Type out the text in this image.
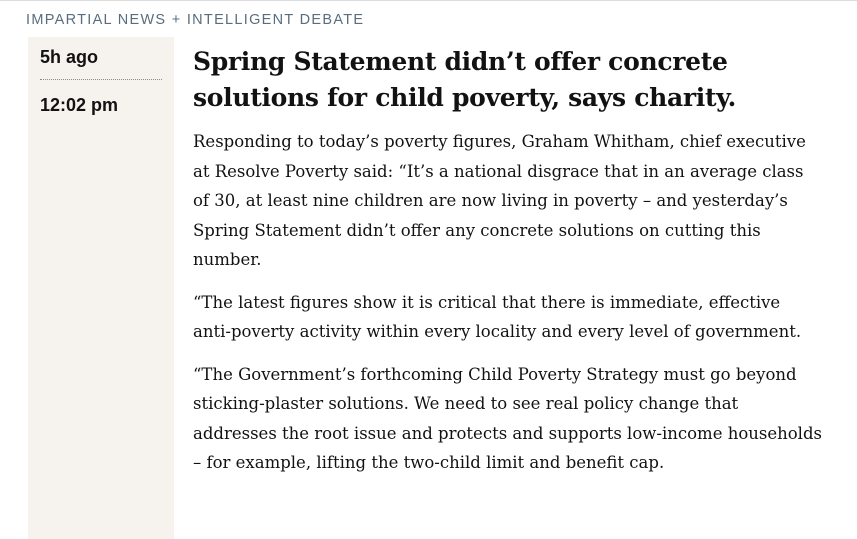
IMPARTIAL NEWS + INTELLIGENT DEBATE
5h ago
12:02 pm
Spring Statement didn’t offer concrete solutions for child poverty, says charity.

Responding to today’s poverty figures, Graham Whitham, chief executive at Resolve Poverty said: “It’s a national disgrace that in an average class of 30, at least nine children are now living in poverty – and yesterday’s Spring Statement didn’t offer any concrete solutions on cutting this number.

“The latest figures show it is critical that there is immediate, effective anti-poverty activity within every locality and every level of government.

“The Government’s forthcoming Child Poverty Strategy must go beyond sticking-plaster solutions. We need to see real policy change that addresses the root issue and protects and supports low-income households – for example, lifting the two-child limit and benefit cap.
